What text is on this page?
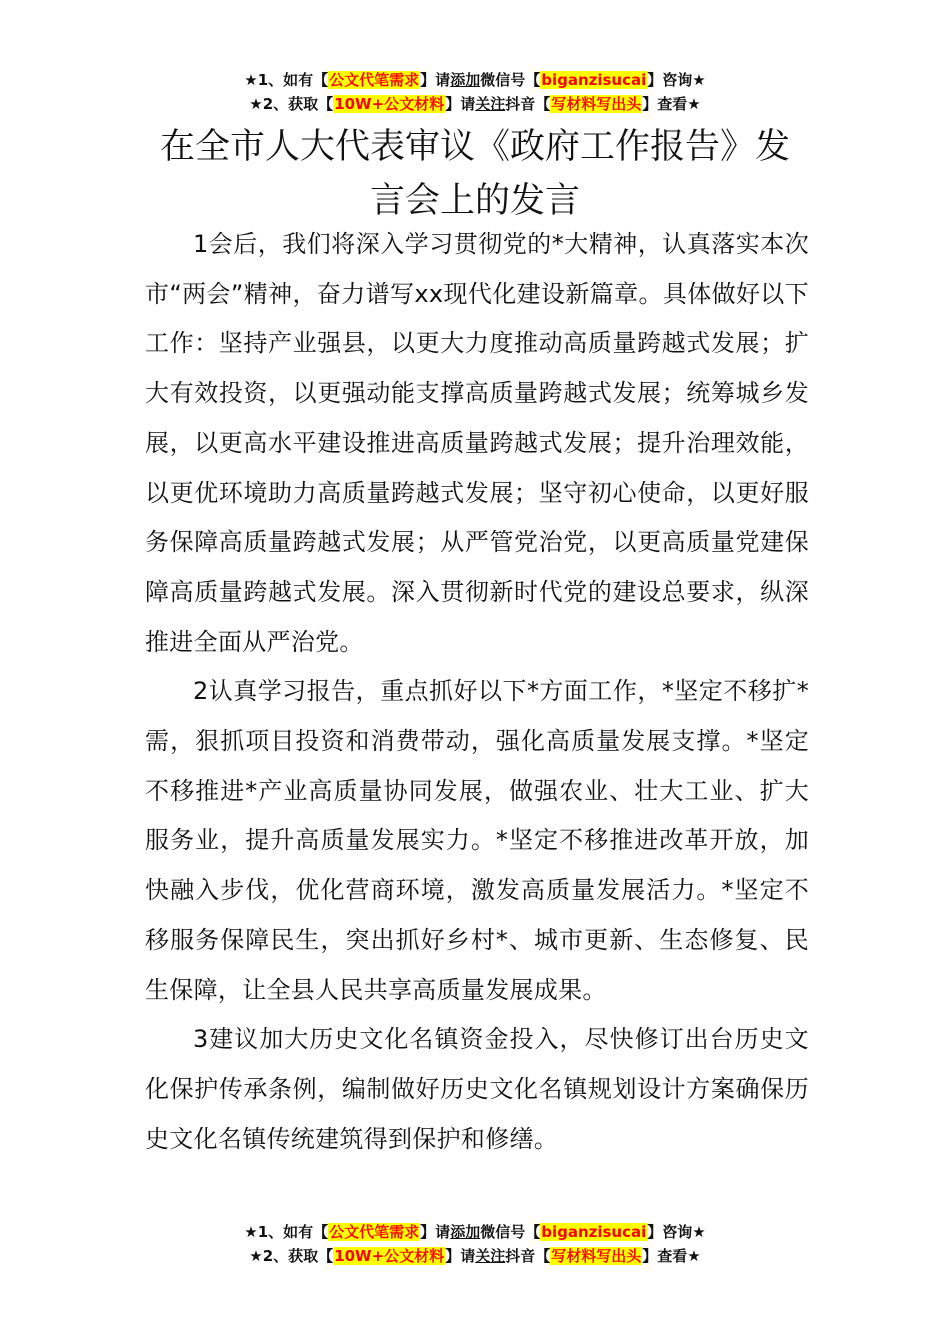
★1、如有【公文代笔需求】请添加微信号【biganzisucai】咨询★
★2、获取【10W+公文材料】请关注抖音【写材料写出头】查看★
在全市人大代表审议《政府工作报告》发言会上的发言

1会后，我们将深入学习贯彻党的*大精神，认真落实本次市“两会”精神，奋力谱写xx现代化建设新篇章。具体做好以下工作：坚持产业强县，以更大力度推动高质量跨越式发展；扩大有效投资，以更强动能支撑高质量跨越式发展；统筹城乡发展，以更高水平建设推进高质量跨越式发展；提升治理效能，以更优环境助力高质量跨越式发展；坚守初心使命，以更好服务保障高质量跨越式发展；从严管党治党，以更高质量党建保障高质量跨越式发展。深入贯彻新时代党的建设总要求，纵深推进全面从严治党。

2认真学习报告，重点抓好以下*方面工作，*坚定不移扩*需，狠抓项目投资和消费带动，强化高质量发展支撑。*坚定不移推进*产业高质量协同发展，做强农业、壮大工业、扩大服务业，提升高质量发展实力。*坚定不移推进改革开放，加快融入步伐，优化营商环境，激发高质量发展活力。*坚定不移服务保障民生，突出抓好乡村*、城市更新、生态修复、民生保障，让全县人民共享高质量发展成果。

3建议加大历史文化名镇资金投入，尽快修订出台历史文化保护传承条例，编制做好历史文化名镇规划设计方案确保历史文化名镇传统建筑得到保护和修缮。

★1、如有【公文代笔需求】请添加微信号【biganzisucai】咨询★
★2、获取【10W+公文材料】请关注抖音【写材料写出头】查看★
